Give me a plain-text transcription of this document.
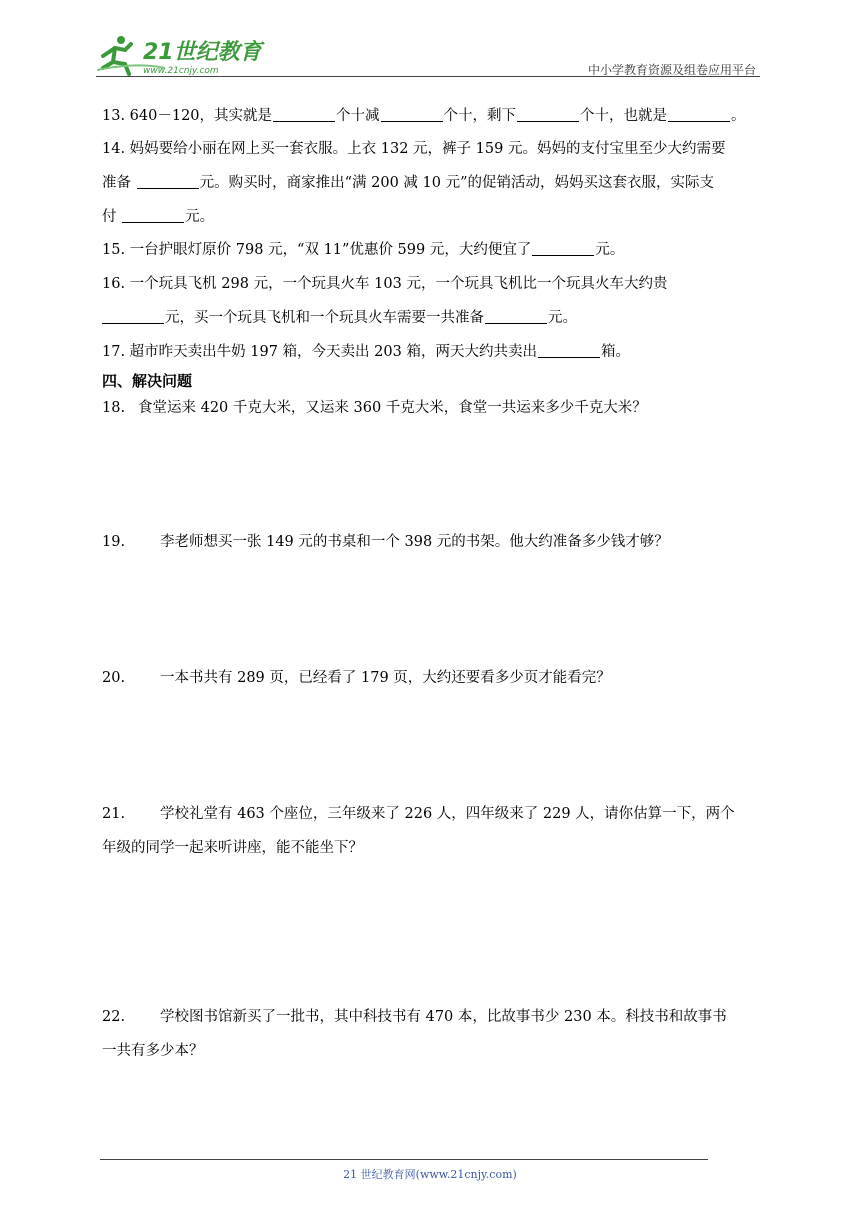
21世纪教育
www.21cnjy.com	中小学教育资源及组卷应用平台
13. 640－120，其实就是	个十减	个十，剩下	个十，也就是	。
14. 妈妈要给小丽在网上买一套衣服。上衣 132 元，裤子 159 元。妈妈的支付宝里至少大约需要
准备	元。购买时，商家推出“满 200 减 10 元”的促销活动，妈妈买这套衣服，实际支
付	元。
15. 一台护眼灯原价 798 元，“双 11”优惠价 599 元，大约便宜了	元。
16. 一个玩具飞机 298 元，一个玩具火车 103 元，一个玩具飞机比一个玩具火车大约贵
元，买一个玩具飞机和一个玩具火车需要一共准备	元。
17. 超市昨天卖出牛奶 197 箱，今天卖出 203 箱，两天大约共卖出	箱。
四、解决问题
18. 食堂运来 420 千克大米，又运来 360 千克大米，食堂一共运来多少千克大米？
19. 李老师想买一张 149 元的书桌和一个 398 元的书架。他大约准备多少钱才够？
20. 一本书共有 289 页，已经看了 179 页，大约还要看多少页才能看完？
21. 学校礼堂有 463 个座位，三年级来了 226 人，四年级来了 229 人，请你估算一下，两个
年级的同学一起来听讲座，能不能坐下？
22. 学校图书馆新买了一批书，其中科技书有 470 本，比故事书少 230 本。科技书和故事书
一共有多少本？
21 世纪教育网(www.21cnjy.com)
